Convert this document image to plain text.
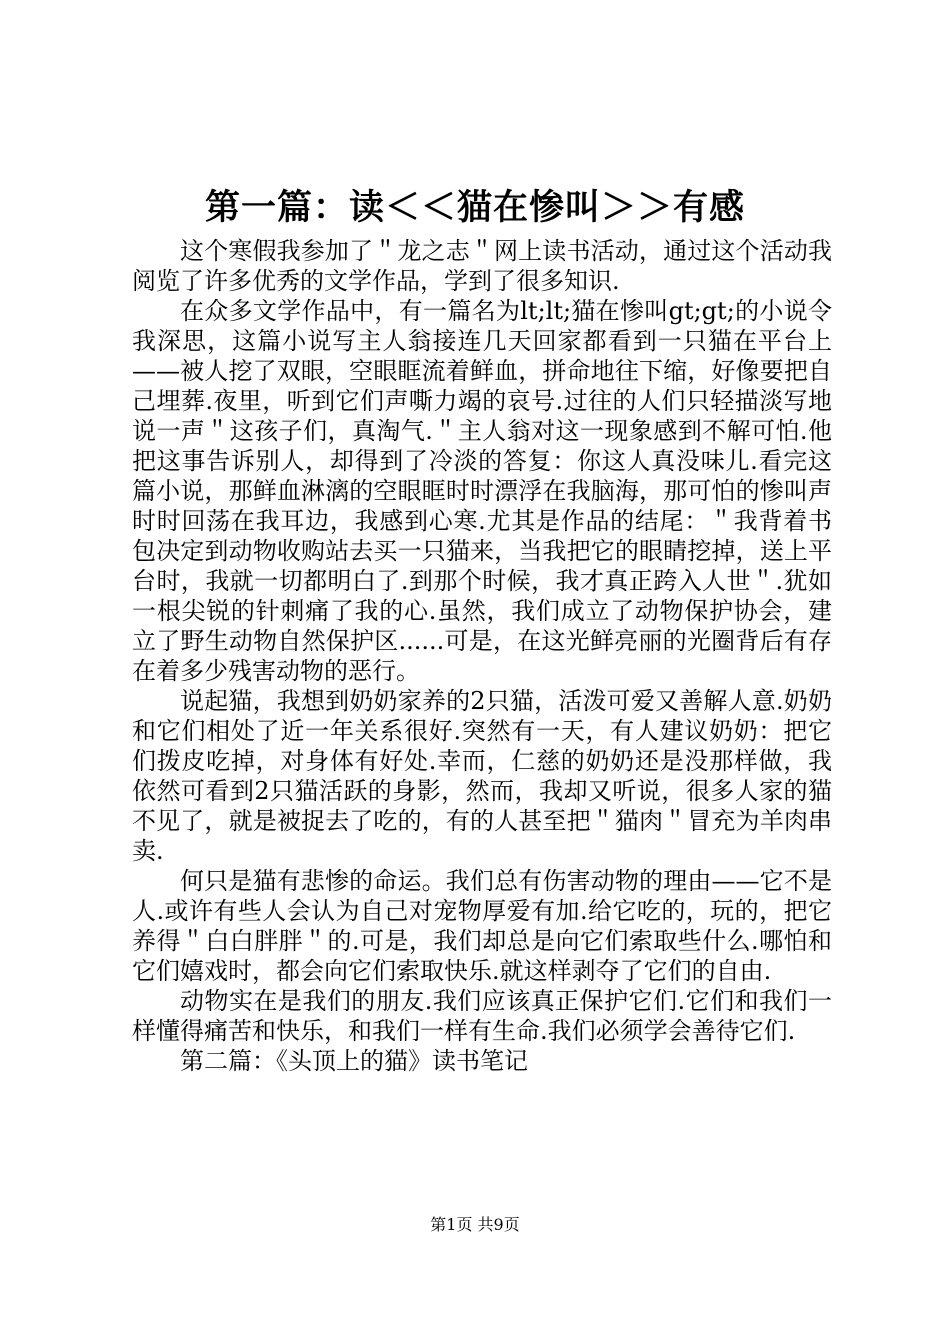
第一篇：读＜＜猫在惨叫＞＞有感

这个寒假我参加了＂龙之志＂网上读书活动，通过这个活动我阅览了许多优秀的文学作品，学到了很多知识.

在众多文学作品中，有一篇名为lt;lt;猫在惨叫gt;gt;的小说令我深思，这篇小说写主人翁接连几天回家都看到一只猫在平台上——被人挖了双眼，空眼眶流着鲜血，拼命地往下缩，好像要把自己埋葬.夜里，听到它们声嘶力竭的哀号.过往的人们只轻描淡写地说一声＂这孩子们，真淘气.＂主人翁对这一现象感到不解可怕.他把这事告诉别人，却得到了冷淡的答复：你这人真没味儿.看完这篇小说，那鲜血淋漓的空眼眶时时漂浮在我脑海，那可怕的惨叫声时时回荡在我耳边，我感到心寒.尤其是作品的结尾：＂我背着书包决定到动物收购站去买一只猫来，当我把它的眼睛挖掉，送上平台时，我就一切都明白了.到那个时候，我才真正跨入人世＂.犹如一根尖锐的针刺痛了我的心.虽然，我们成立了动物保护协会，建立了野生动物自然保护区......可是，在这光鲜亮丽的光圈背后有存在着多少残害动物的恶行。

说起猫，我想到奶奶家养的2只猫，活泼可爱又善解人意.奶奶和它们相处了近一年关系很好.突然有一天，有人建议奶奶：把它们拨皮吃掉，对身体有好处.幸而，仁慈的奶奶还是没那样做，我依然可看到2只猫活跃的身影，然而，我却又听说，很多人家的猫不见了，就是被捉去了吃的，有的人甚至把＂猫肉＂冒充为羊肉串卖.

何只是猫有悲惨的命运。我们总有伤害动物的理由——它不是人.或许有些人会认为自己对宠物厚爱有加.给它吃的，玩的，把它养得＂白白胖胖＂的.可是，我们却总是向它们索取些什么.哪怕和它们嬉戏时，都会向它们索取快乐.就这样剥夺了它们的自由.

动物实在是我们的朋友.我们应该真正保护它们.它们和我们一样懂得痛苦和快乐，和我们一样有生命.我们必须学会善待它们.

第二篇：《头顶上的猫》读书笔记

第1页 共9页
